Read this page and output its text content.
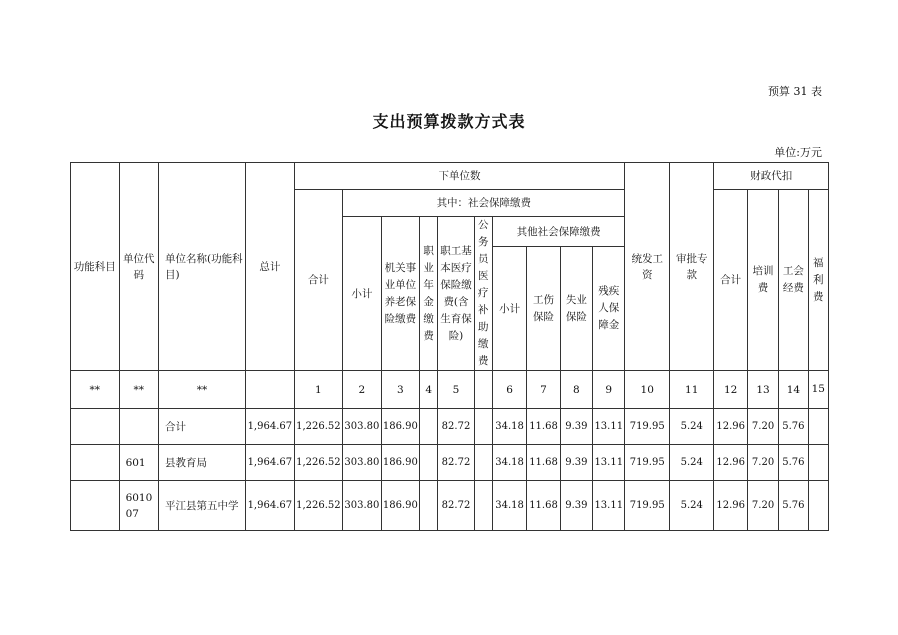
预算 31 表
支出预算拨款方式表
单位:万元
功能科目	单位代码	单位名称(功能科目)	总计	下单位数										统发工资	审批专款	财政代扣			
				合计	其中：社会保障缴费											合计	培训费	工会经费	福利费
					小计	机关事业单位养老保险缴费	职业年金缴费	职工基本医疗保险缴费(含生育保险)	公务员医疗补助缴费	其他社会保障缴费									
										小计	工伤保险	失业保险	残疾人保障金						
**	**	**		1	2	3	4	5		6	7	8	9	10	11	12	13	14	15
		合计	1,964.67	1,226.52	303.80	186.90		82.72		34.18	11.68	9.39	13.11	719.95	5.24	12.96	7.20	5.76	
	601	县教育局	1,964.67	1,226.52	303.80	186.90		82.72		34.18	11.68	9.39	13.11	719.95	5.24	12.96	7.20	5.76	
	601007	平江县第五中学	1,964.67	1,226.52	303.80	186.90		82.72		34.18	11.68	9.39	13.11	719.95	5.24	12.96	7.20	5.76	
